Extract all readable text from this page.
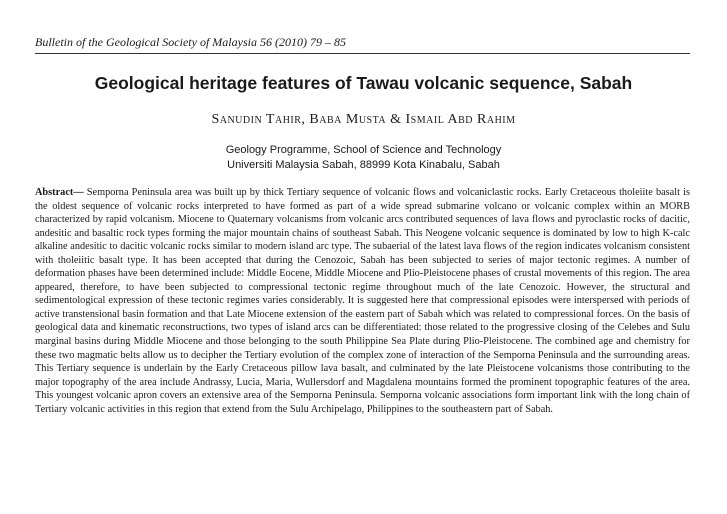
Bulletin of the Geological Society of Malaysia 56 (2010) 79 – 85
Geological heritage features of Tawau volcanic sequence, Sabah
Sanudin Tahir, Baba Musta & Ismail Abd Rahim
Geology Programme, School of Science and Technology
Universiti Malaysia Sabah, 88999 Kota Kinabalu, Sabah

Abstract— Semporna Peninsula area was built up by thick Tertiary sequence of volcanic flows and volcaniclastic rocks. Early Cretaceous tholeiite basalt is the oldest sequence of volcanic rocks interpreted to have formed as part of a wide spread submarine volcano or volcanic complex within an MORB characterized by rapid volcanism. Miocene to Quaternary volcanisms from volcanic arcs contributed sequences of lava flows and pyroclastic rocks of dacitic, andesitic and basaltic rock types forming the major mountain chains of southeast Sabah. This Neogene volcanic sequence is dominated by low to high K-calc alkaline andesitic to dacitic volcanic rocks similar to modern island arc type. The subaerial of the latest lava flows of the region indicates volcanism consistent with tholeiitic basalt type. It has been accepted that during the Cenozoic, Sabah has been subjected to series of major tectonic regimes. A number of deformation phases have been determined include: Middle Eocene, Middle Miocene and Plio-Pleistocene phases of crustal movements of this region. The area appeared, therefore, to have been subjected to compressional tectonic regime throughout much of the late Cenozoic. However, the structural and sedimentological expression of these tectonic regimes varies considerably. It is suggested here that compressional episodes were interspersed with periods of active transtensional basin formation and that Late Miocene extension of the eastern part of Sabah which was related to compressional forces. On the basis of geological data and kinematic reconstructions, two types of island arcs can be differentiated: those related to the progressive closing of the Celebes and Sulu marginal basins during Middle Miocene and those belonging to the south Philippine Sea Plate during Plio-Pleistocene. The combined age and chemistry for these two magmatic belts allow us to decipher the Tertiary evolution of the complex zone of interaction of the Semporna Peninsula and the surrounding areas. This Tertiary sequence is underlain by the Early Cretaceous pillow lava basalt, and culminated by the late Pleistocene volcanisms those contributing to the major topography of the area include Andrassy, Lucia, Maria, Wullersdorf and Magdalena mountains formed the prominent topographic features of the area. This youngest volcanic apron covers an extensive area of the Semporna Peninsula. Semporna volcanic associations form important link with the long chain of Tertiary volcanic activities in this region that extend from the Sulu Archipelago, Philippines to the southeastern part of Sabah.
